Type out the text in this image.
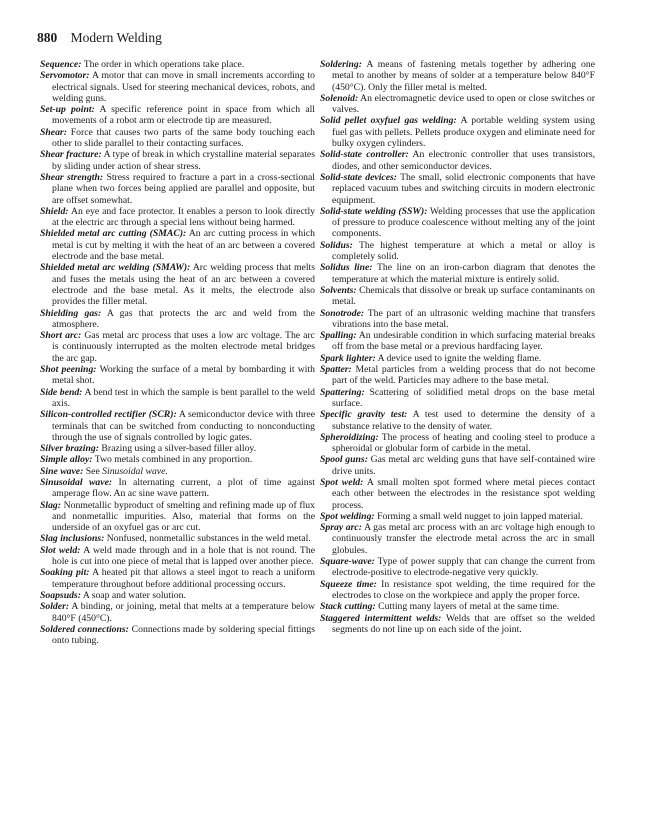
880 Modern Welding

Sequence: The order in which operations take place.

Servomotor: A motor that can move in small increments according to electrical signals. Used for steering mechanical devices, robots, and welding guns.

Set-up point: A specific reference point in space from which all movements of a robot arm or electrode tip are measured.

Shear: Force that causes two parts of the same body touching each other to slide parallel to their contacting surfaces.

Shear fracture: A type of break in which crystalline material separates by sliding under action of shear stress.

Shear strength: Stress required to fracture a part in a cross-sectional plane when two forces being applied are parallel and opposite, but are offset somewhat.

Shield: An eye and face protector. It enables a person to look directly at the electric arc through a special lens without being harmed.

Shielded metal arc cutting (SMAC): An arc cutting process in which metal is cut by melting it with the heat of an arc between a covered electrode and the base metal.

Shielded metal arc welding (SMAW): Arc welding process that melts and fuses the metals using the heat of an arc between a covered electrode and the base metal. As it melts, the electrode also provides the filler metal.

Shielding gas: A gas that protects the arc and weld from the atmosphere.

Short arc: Gas metal arc process that uses a low arc voltage. The arc is continuously interrupted as the molten electrode metal bridges the arc gap.

Shot peening: Working the surface of a metal by bombarding it with metal shot.

Side bend: A bend test in which the sample is bent parallel to the weld axis.

Silicon-controlled rectifier (SCR): A semiconductor device with three terminals that can be switched from conducting to nonconducting through the use of signals controlled by logic gates.

Silver brazing: Brazing using a silver-based filler alloy.

Simple alloy: Two metals combined in any proportion.

Sine wave: See Sinusoidal wave.

Sinusoidal wave: In alternating current, a plot of time against amperage flow. An ac sine wave pattern.

Slag: Nonmetallic byproduct of smelting and refining made up of flux and nonmetallic impurities. Also, material that forms on the underside of an oxyfuel gas or arc cut.

Slag inclusions: Nonfused, nonmetallic substances in the weld metal.

Slot weld: A weld made through and in a hole that is not round. The hole is cut into one piece of metal that is lapped over another piece.

Soaking pit: A heated pit that allows a steel ingot to reach a uniform temperature throughout before additional processing occurs.

Soapsuds: A soap and water solution.

Solder: A binding, or joining, metal that melts at a temperature below 840°F (450°C).

Soldered connections: Connections made by soldering special fittings onto tubing.

Soldering: A means of fastening metals together by adhering one metal to another by means of solder at a temperature below 840°F (450°C). Only the filler metal is melted.

Solenoid: An electromagnetic device used to open or close switches or valves.

Solid pellet oxyfuel gas welding: A portable welding system using fuel gas with pellets. Pellets produce oxygen and eliminate need for bulky oxygen cylinders.

Solid-state controller: An electronic controller that uses transistors, diodes, and other semiconductor devices.

Solid-state devices: The small, solid electronic components that have replaced vacuum tubes and switching circuits in modern electronic equipment.

Solid-state welding (SSW): Welding processes that use the application of pressure to produce coalescence without melting any of the joint components.

Solidus: The highest temperature at which a metal or alloy is completely solid.

Solidus line: The line on an iron-carbon diagram that denotes the temperature at which the material mixture is entirely solid.

Solvents: Chemicals that dissolve or break up surface contaminants on metal.

Sonotrode: The part of an ultrasonic welding machine that transfers vibrations into the base metal.

Spalling: An undesirable condition in which surfacing material breaks off from the base metal or a previous hardfacing layer.

Spark lighter: A device used to ignite the welding flame.

Spatter: Metal particles from a welding process that do not become part of the weld. Particles may adhere to the base metal.

Spattering: Scattering of solidified metal drops on the base metal surface.

Specific gravity test: A test used to determine the density of a substance relative to the density of water.

Spheroidizing: The process of heating and cooling steel to produce a spheroidal or globular form of carbide in the metal.

Spool guns: Gas metal arc welding guns that have self-contained wire drive units.

Spot weld: A small molten spot formed where metal pieces contact each other between the electrodes in the resistance spot welding process.

Spot welding: Forming a small weld nugget to join lapped material.

Spray arc: A gas metal arc process with an arc voltage high enough to continuously transfer the electrode metal across the arc in small globules.

Square-wave: Type of power supply that can change the current from electrode-positive to electrode-negative very quickly.

Squeeze time: In resistance spot welding, the time required for the electrodes to close on the workpiece and apply the proper force.

Stack cutting: Cutting many layers of metal at the same time.

Staggered intermittent welds: Welds that are offset so the welded segments do not line up on each side of the joint.
